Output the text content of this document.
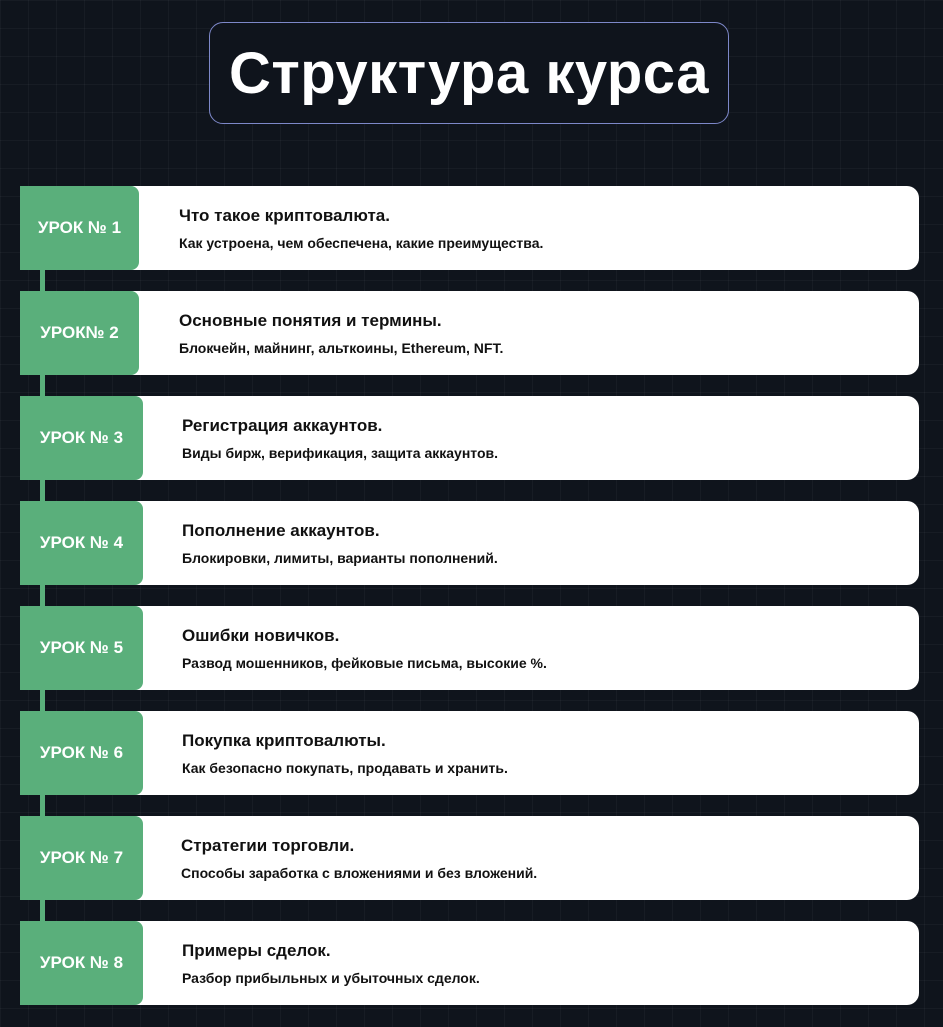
Структура курса
УРОК № 1
Что такое криптовалюта.
Как устроена, чем обеспечена, какие преимущества.
УРОК№ 2
Основные понятия и термины.
Блокчейн, майнинг, альткоины, Ethereum, NFT.
УРОК № 3
Регистрация аккаунтов.
Виды бирж, верификация, защита аккаунтов.
УРОК № 4
Пополнение аккаунтов.
Блокировки, лимиты, варианты пополнений.
УРОК № 5
Ошибки новичков.
Развод мошенников, фейковые письма, высокие %.
УРОК № 6
Покупка криптовалюты.
Как безопасно покупать, продавать и хранить.
УРОК № 7
Стратегии торговли.
Способы заработка с вложениями и без вложений.
УРОК № 8
Примеры сделок.
Разбор прибыльных и убыточных сделок.
